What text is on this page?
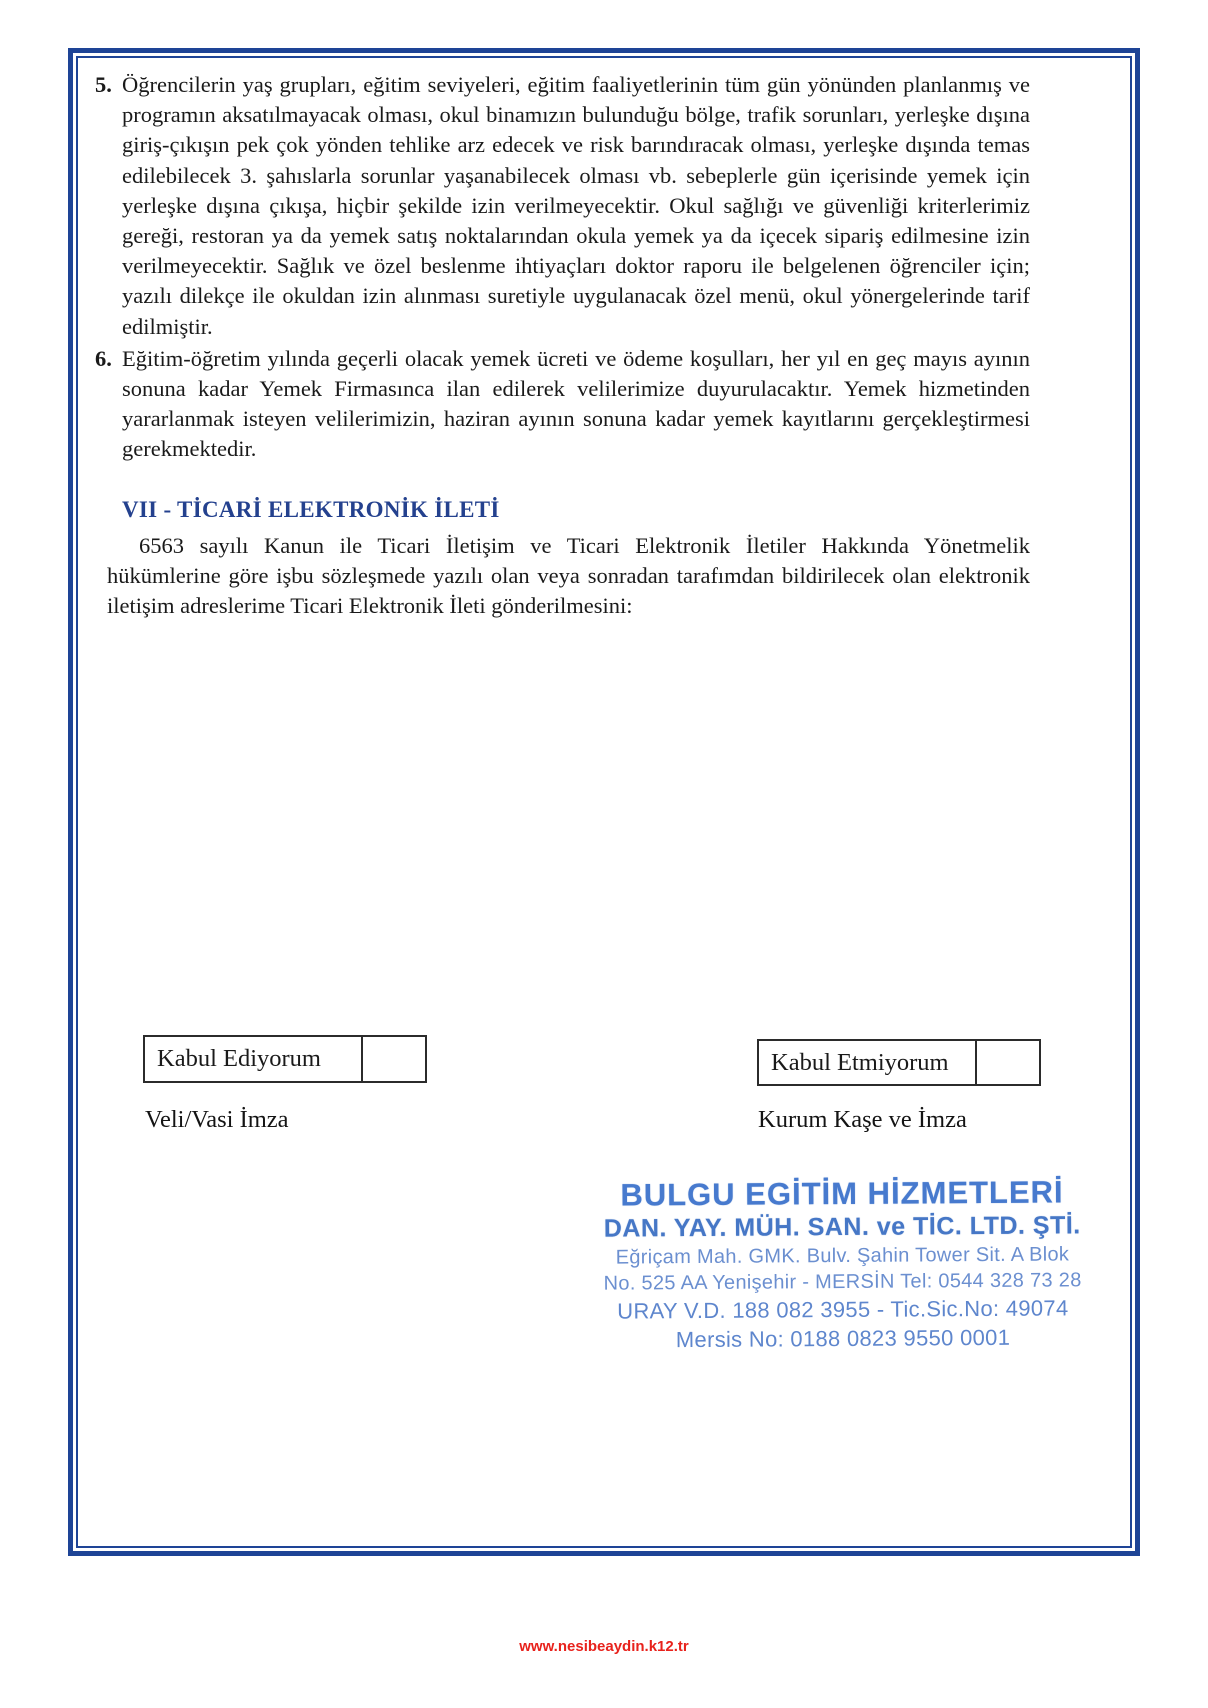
5. Öğrencilerin yaş grupları, eğitim seviyeleri, eğitim faaliyetlerinin tüm gün yönünden planlanmış ve programın aksatılmayacak olması, okul binamızın bulunduğu bölge, trafik sorunları, yerleşke dışına giriş-çıkışın pek çok yönden tehlike arz edecek ve risk barındıracak olması, yerleşke dışında temas edilebilecek 3. şahıslarla sorunlar yaşanabilecek olması vb. sebeplerle gün içerisinde yemek için yerleşke dışına çıkışa, hiçbir şekilde izin verilmeyecektir. Okul sağlığı ve güvenliği kriterlerimiz gereği, restoran ya da yemek satış noktalarından okula yemek ya da içecek sipariş edilmesine izin verilmeyecektir. Sağlık ve özel beslenme ihtiyaçları doktor raporu ile belgelenen öğrenciler için; yazılı dilekçe ile okuldan izin alınması suretiyle uygulanacak özel menü, okul yönergelerinde tarif edilmiştir.
6. Eğitim-öğretim yılında geçerli olacak yemek ücreti ve ödeme koşulları, her yıl en geç mayıs ayının sonuna kadar Yemek Firmasınca ilan edilerek velilerimize duyurulacaktır. Yemek hizmetinden yararlanmak isteyen velilerimizin, haziran ayının sonuna kadar yemek kayıtlarını gerçekleştirmesi gerekmektedir.
VII - TİCARİ ELEKTRONİK İLETİ
6563 sayılı Kanun ile Ticari İletişim ve Ticari Elektronik İletiler Hakkında Yönetmelik hükümlerine göre işbu sözleşmede yazılı olan veya sonradan tarafımdan bildirilecek olan elektronik iletişim adreslerime Ticari Elektronik İleti gönderilmesini:
Kabul Ediyorum	Kabul Etmiyorum
Veli/Vasi İmza	Kurum Kaşe ve İmza
BULGU EGİTİM HİZMETLERİ
DAN. YAY. MÜH. SAN. ve TİC. LTD. ŞTİ.
Eğriçam Mah. GMK. Bulv. Şahin Tower Sit. A Blok
No. 525 AA Yenişehir - MERSİN Tel: 0544 328 73 28
URAY V.D. 188 082 3955 - Tic.Sic.No: 49074
Mersis No: 0188 0823 9550 0001
www.nesibeaydin.k12.tr
